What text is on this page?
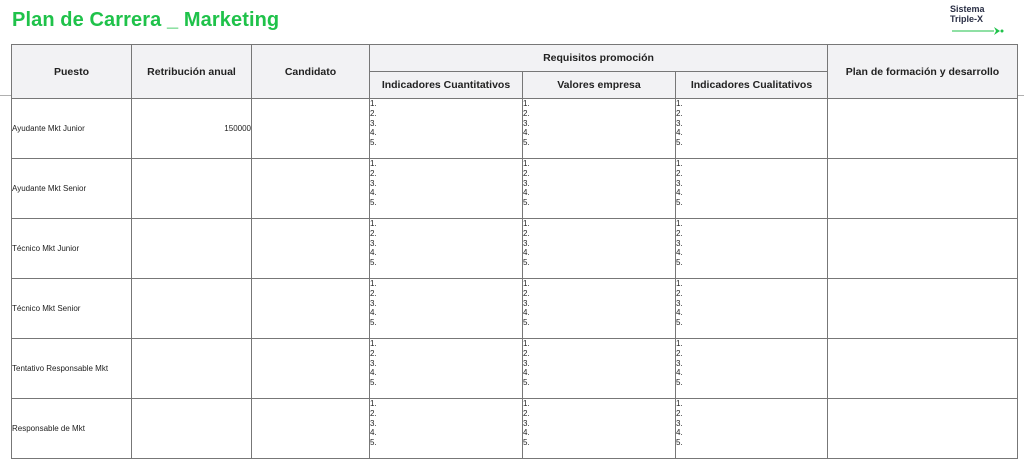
Plan de Carrera _ Marketing	Sistema
Triple-X
Puesto	Retribución anual	Candidato	Requisitos promoción			Plan de formación y desarrollo
			Indicadores Cuantitativos	Valores empresa	Indicadores Cualitativos	
Ayudante Mkt Junior	150000		1.
2.
3.
4.
5.	1.
2.
3.
4.
5.	1.
2.
3.
4.
5.	

Ayudante Mkt Senior			1.
2.
3.
4.
5.	1.
2.
3.
4.
5.	1.
2.
3.
4.
5.	

Técnico Mkt Junior			1.
2.
3.
4.
5.	1.
2.
3.
4.
5.	1.
2.
3.
4.
5.	

Técnico Mkt Senior			1.
2.
3.
4.
5.	1.
2.
3.
4.
5.	1.
2.
3.
4.
5.	

Tentativo Responsable Mkt			1.
2.
3.
4.
5.	1.
2.
3.
4.
5.	1.
2.
3.
4.
5.	

Responsable de Mkt			1.
2.
3.
4.
5.	1.
2.
3.
4.
5.	1.
2.
3.
4.
5.	
